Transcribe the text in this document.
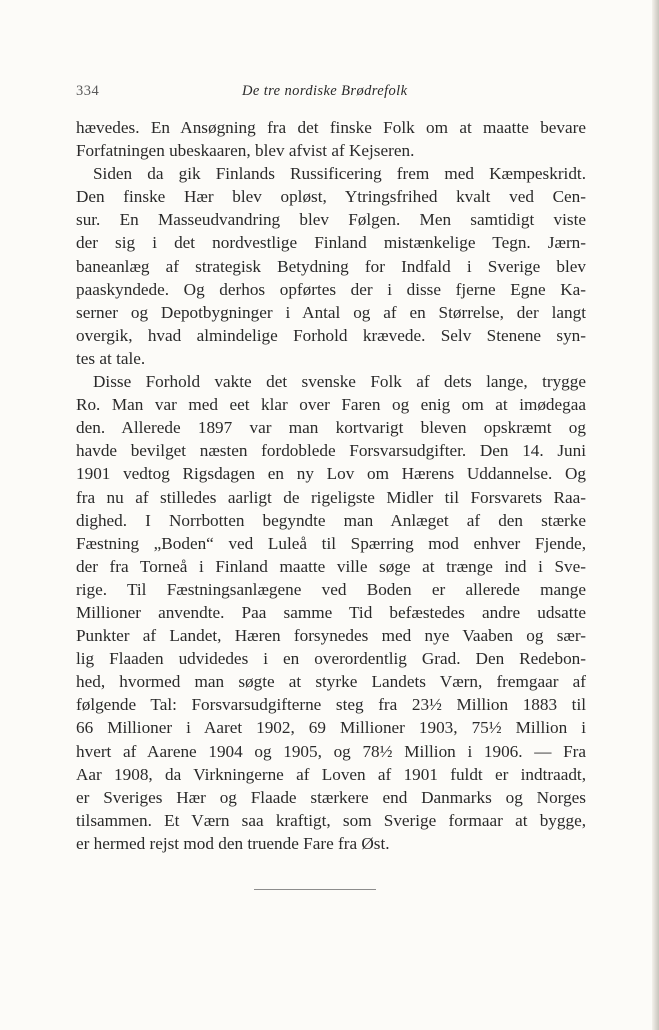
334	De tre nordiske Brødrefolk
hævedes. En Ansøgning fra det finske Folk om at maatte bevare
Forfatningen ubeskaaren, blev afvist af Kejseren.
Siden da gik Finlands Russificering frem med Kæmpeskridt.
Den finske Hær blev opløst, Ytringsfrihed kvalt ved Cen-
sur. En Masseudvandring blev Følgen. Men samtidigt viste
der sig i det nordvestlige Finland mistænkelige Tegn. Jærn-
baneanlæg af strategisk Betydning for Indfald i Sverige blev
paaskyndede. Og derhos opførtes der i disse fjerne Egne Ka-
serner og Depotbygninger i Antal og af en Størrelse, der langt
overgik, hvad almindelige Forhold krævede. Selv Stenene syn-
tes at tale.
Disse Forhold vakte det svenske Folk af dets lange, trygge
Ro. Man var med eet klar over Faren og enig om at imødegaa
den. Allerede 1897 var man kortvarigt bleven opskræmt og
havde bevilget næsten fordoblede Forsvarsudgifter. Den 14. Juni
1901 vedtog Rigsdagen en ny Lov om Hærens Uddannelse. Og
fra nu af stilledes aarligt de rigeligste Midler til Forsvarets Raa-
dighed. I Norrbotten begyndte man Anlæget af den stærke
Fæstning „Boden“ ved Luleå til Spærring mod enhver Fjende,
der fra Torneå i Finland maatte ville søge at trænge ind i Sve-
rige. Til Fæstningsanlægene ved Boden er allerede mange
Millioner anvendte. Paa samme Tid befæstedes andre udsatte
Punkter af Landet, Hæren forsynedes med nye Vaaben og sær-
lig Flaaden udvidedes i en overordentlig Grad. Den Redebon-
hed, hvormed man søgte at styrke Landets Værn, fremgaar af
følgende Tal: Forsvarsudgifterne steg fra 23½ Million 1883 til
66 Millioner i Aaret 1902, 69 Millioner 1903, 75½ Million i
hvert af Aarene 1904 og 1905, og 78½ Million i 1906. — Fra
Aar 1908, da Virkningerne af Loven af 1901 fuldt er indtraadt,
er Sveriges Hær og Flaade stærkere end Danmarks og Norges
tilsammen. Et Værn saa kraftigt, som Sverige formaar at bygge,
er hermed rejst mod den truende Fare fra Øst.
